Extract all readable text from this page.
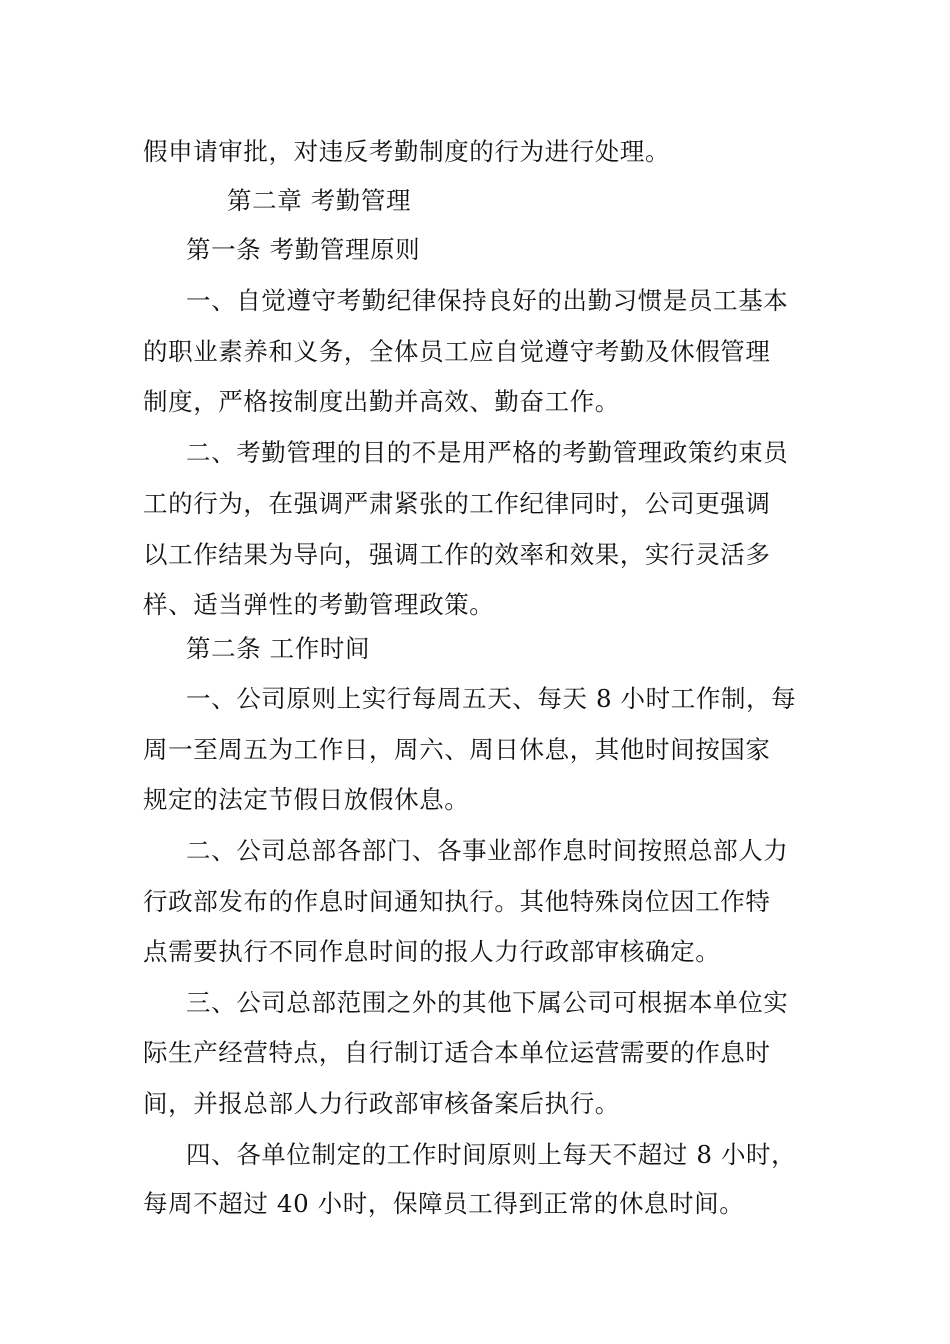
假申请审批，对违反考勤制度的行为进行处理。
第二章 考勤管理
第一条 考勤管理原则
一、自觉遵守考勤纪律保持良好的出勤习惯是员工基本
的职业素养和义务，全体员工应自觉遵守考勤及休假管理
制度，严格按制度出勤并高效、勤奋工作。
二、考勤管理的目的不是用严格的考勤管理政策约束员
工的行为，在强调严肃紧张的工作纪律同时，公司更强调
以工作结果为导向，强调工作的效率和效果，实行灵活多
样、适当弹性的考勤管理政策。
第二条 工作时间
一、公司原则上实行每周五天、每天 8 小时工作制，每
周一至周五为工作日，周六、周日休息，其他时间按国家
规定的法定节假日放假休息。
二、公司总部各部门、各事业部作息时间按照总部人力
行政部发布的作息时间通知执行。其他特殊岗位因工作特
点需要执行不同作息时间的报人力行政部审核确定。
三、公司总部范围之外的其他下属公司可根据本单位实
际生产经营特点，自行制订适合本单位运营需要的作息时
间，并报总部人力行政部审核备案后执行。
四、各单位制定的工作时间原则上每天不超过 8 小时，
每周不超过 40 小时，保障员工得到正常的休息时间。
